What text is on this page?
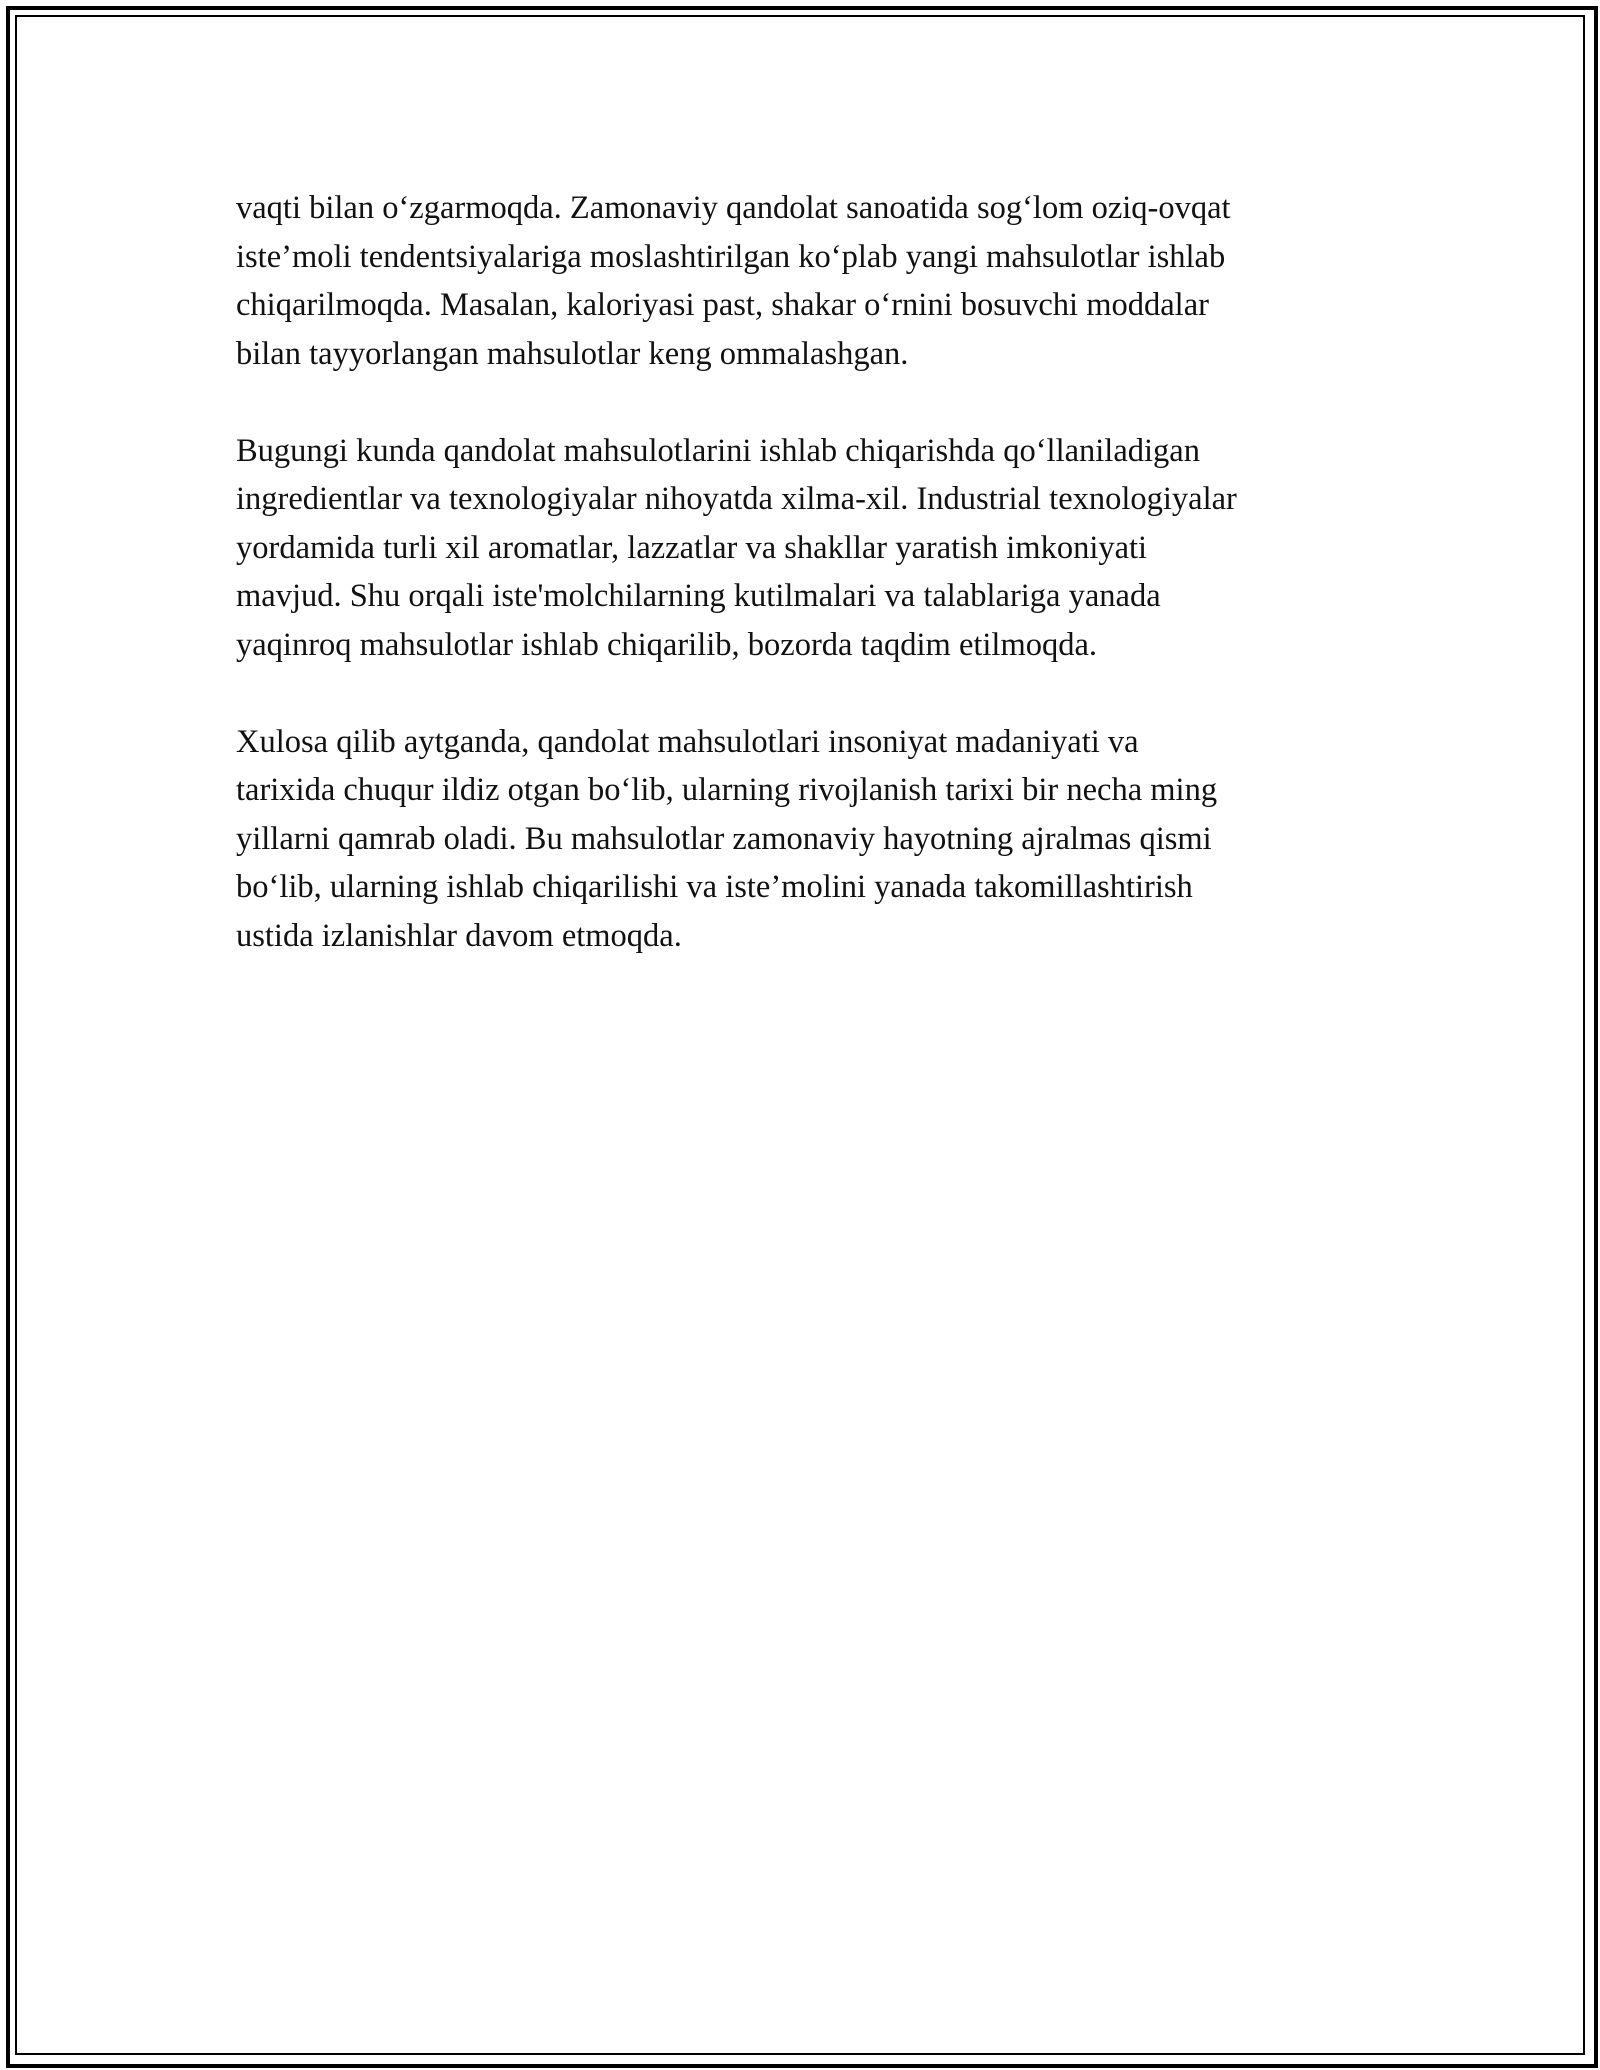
vaqti bilan o‘zgarmoqda. Zamonaviy qandolat sanoatida sog‘lom oziq-ovqat
iste’moli tendentsiyalariga moslashtirilgan ko‘plab yangi mahsulotlar ishlab
chiqarilmoqda. Masalan, kaloriyasi past, shakar o‘rnini bosuvchi moddalar
bilan tayyorlangan mahsulotlar keng ommalashgan.

Bugungi kunda qandolat mahsulotlarini ishlab chiqarishda qo‘llaniladigan
ingredientlar va texnologiyalar nihoyatda xilma-xil. Industrial texnologiyalar
yordamida turli xil aromatlar, lazzatlar va shakllar yaratish imkoniyati
mavjud. Shu orqali iste'molchilarning kutilmalari va talablariga yanada
yaqinroq mahsulotlar ishlab chiqarilib, bozorda taqdim etilmoqda.

Xulosa qilib aytganda, qandolat mahsulotlari insoniyat madaniyati va
tarixida chuqur ildiz otgan bo‘lib, ularning rivojlanish tarixi bir necha ming
yillarni qamrab oladi. Bu mahsulotlar zamonaviy hayotning ajralmas qismi
bo‘lib, ularning ishlab chiqarilishi va iste’molini yanada takomillashtirish
ustida izlanishlar davom etmoqda.
